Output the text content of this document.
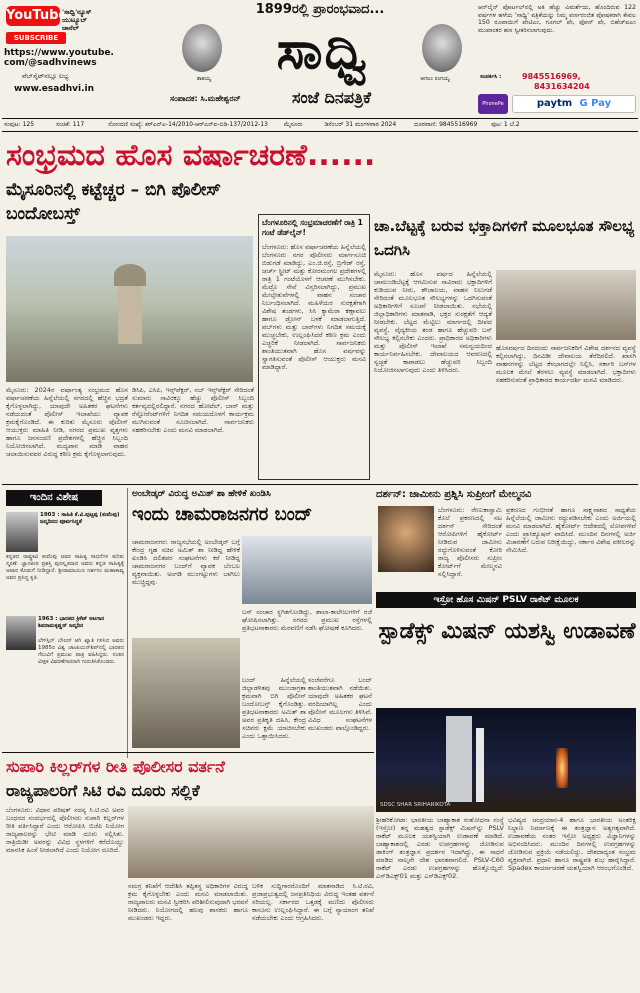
YouTube
'ಸಾಧ್ವಿ'ನ್ಯೂಸ್
ಯುಟ್ಯೂಬ್
ಚಾನೆಲ್
SUBSCRIBE
https://www.youtube.
com/@sadhvinews
ವೆಬ್‌ಸೈಟ್‌ನಲ್ಲೂ ಲಭ್ಯ
www.esadhvi.in
1899ರಲ್ಲಿ ಪ್ರಾರಂಭವಾದ...
ತಾತಯ್ಯ	ಸಾಧ್ವಿ	ಆಗಲಂ ರಂಗಯ್ಯ
ಸಂಪಾದಕ: ಸಿ.ಮಹೇಶ್ವರನ್	ಸಂಜೆ ದಿನಪತ್ರಿಕೆ
ಆನ್‌ಲೈನ್ ಪೋರ್ಟಲ್‌ನಲ್ಲಿ ಅತಿ ಹೆಚ್ಚು ವಿಮರ್ಶೆಯ, ಹೊಂದಿರುವ 122 ವರ್ಷಗಳ ಹಳೆಯ 'ಸಾಧ್ವಿ' ಪತ್ರಿಕೆಯನ್ನು ನಿಮ್ಮ ವರ್ಣರಂಜಿತ ಪೋಷಕರಾಗಿ ಕೇವಲ 150 ರೂಪಾಯಿಗೆ ಪೇಟಿಎಂ, ಗೂಗಲ್ ಪೇ, ಫೋನ್ ಪೇ, ಬಿಹೆಚ್‌ಐಎಂ ಮುಖಾಂತರ ಹಣ ಸ್ವೀಕರಿಸಲಾಗುವುದು.
ಸಂಪರ್ಕಿಸಿ :	9845516969,
8431634204
PhonePe	paytm G Pay
ಸಂಪುಟ: 125	ಸಂಚಿಕೆ: 117	ನೋಂದಣಿ ಸಂಖ್ಯೆ: ಕರ್‌ಎನ್‌ಎ-14/2010-ಆರ್‌ಎನ್‌ಐ-ಬಿಡಿ-137/2012-13	ಮೈಸೂರು	ಡಿಸೆಂಬರ್ 31 ಮಂಗಳವಾರ 2024	ದೂರವಾಣಿ: 9845516969 ಪುಟ: 1 ಬೆ.2
ಸಂಭ್ರಮದ ಹೊಸ ವರ್ಷಾಚರಣೆ......
ಮೈಸೂರಿನಲ್ಲಿ ಕಟ್ಟೆಚ್ಚರ – ಬಿಗಿ ಪೊಲೀಸ್ ಬಂದೋಬಸ್ತ್
ಮೈಸೂರು: 2024ರ ವರ್ಷಾಂತ್ಯ ಸಂಭ್ರಮದ ಹೊಸ ವರ್ಷಾಚರಣೆಯ ಹಿನ್ನೆಲೆಯಲ್ಲಿ ನಗರದಲ್ಲಿ ಹೆಚ್ಚಿನ ಭದ್ರತೆ ಕೈಗೊಳ್ಳಲಾಗಿದ್ದು, ಯಾವುದೇ ಅಹಿತಕರ ಘಟನೆಗಳು ನಡೆಯದಂತೆ ಪೊಲೀಸ್ ಇಲಾಖೆಯು ವ್ಯಾಪಕ ಕ್ರಮಕೈಗೊಂಡಿದೆ. ಈ ಕುರಿತು ಮೈಸೂರು ಪೊಲೀಸ್ ಆಯುಕ್ತರು ಮಾಹಿತಿ ನೀಡಿ, ನಗರದ ಪ್ರಮುಖ ವೃತ್ತಗಳು ಹಾಗೂ ಜನಸಂದಣಿ ಪ್ರದೇಶಗಳಲ್ಲಿ ಹೆಚ್ಚಿನ ಸಿಬ್ಬಂದಿ ನಿಯೋಜಿಸಲಾಗಿದೆ. ಮದ್ಯಪಾನ ಮಾಡಿ ವಾಹನ ಚಲಾಯಿಸುವವರ ವಿರುದ್ಧ ಕಠಿಣ ಕ್ರಮ ಕೈಗೊಳ್ಳಲಾಗುವುದು.
ಡಿಸಿಪಿ, ಎಸಿಪಿ, ಇನ್ಸ್‌ಪೆಕ್ಟರ್, ಸಬ್ ಇನ್ಸ್‌ಪೆಕ್ಟರ್ ಸೇರಿದಂತೆ ಸುಮಾರು ಸಾವಿರಕ್ಕೂ ಹೆಚ್ಚು ಪೊಲೀಸ್ ಸಿಬ್ಬಂದಿ ಕರ್ತವ್ಯದಲ್ಲಿರಲಿದ್ದಾರೆ. ನಗರದ ಹೋಟೆಲ್, ಬಾರ್ ಮತ್ತು ರೆಸ್ಟೋರೆಂಟ್‌ಗಳಿಗೆ ನಿಗದಿತ ಸಮಯದೊಳಗೆ ಕಾರ್ಯಕ್ರಮ ಮುಗಿಸುವಂತೆ ಸೂಚಿಸಲಾಗಿದೆ. ಸಾರ್ವಜನಿಕರು ಸಹಕರಿಸಬೇಕು ಎಂದು ಮನವಿ ಮಾಡಲಾಗಿದೆ.
ಬೆಂಗಳೂರಿನಲ್ಲಿ ಸಂಭ್ರಮಾಚರಣೆಗೆ ರಾತ್ರಿ 1 ಗಂಟೆ ಡೆಡ್‌ಲೈನ್!
ಬೆಂಗಳೂರು: ಹೊಸ ವರ್ಷಾಚರಣೆಯ ಹಿನ್ನೆಲೆಯಲ್ಲಿ ಬೆಂಗಳೂರು ನಗರ ಪೊಲೀಸರು ಮಾರ್ಗಸೂಚಿ ಬಿಡುಗಡೆ ಮಾಡಿದ್ದು, ಎಂ.ಜಿ.ರಸ್ತೆ, ಬ್ರಿಗೇಡ್ ರಸ್ತೆ, ಚರ್ಚ್ ಸ್ಟ್ರೀಟ್ ಮತ್ತು ಕೋರಮಂಗಲ ಪ್ರದೇಶಗಳಲ್ಲಿ ರಾತ್ರಿ 1 ಗಂಟೆಯೊಳಗೆ ಆಚರಣೆ ಮುಗಿಸಬೇಕು. ಮೆಟ್ರೊ ಸೇವೆ ವಿಸ್ತರಿಸಲಾಗಿದ್ದು, ಪ್ರಮುಖ ಮೇಲ್ಸೇತುವೆಗಳಲ್ಲಿ ವಾಹನ ಸಂಚಾರ ನಿರ್ಬಂಧಿಸಲಾಗಿದೆ. ಮಹಿಳೆಯರ ಸುರಕ್ಷತೆಗಾಗಿ ವಿಶೇಷ ತಂಡಗಳು, ಸಿಸಿ ಕ್ಯಾಮೆರಾ ಕಣ್ಗಾವಲು ಹಾಗೂ ಡ್ರೋನ್ ಬಳಕೆ ಮಾಡಲಾಗುತ್ತಿದೆ. ಪಬ್‌ಗಳು ಮತ್ತು ಬಾರ್‌ಗಳು ನಿಗದಿತ ಸಮಯಕ್ಕೆ ಮುಚ್ಚಬೇಕು, ಉಲ್ಲಂಘಿಸಿದರೆ ಕಠಿಣ ಕ್ರಮ ಎಂದು ಎಚ್ಚರಿಕೆ ನೀಡಲಾಗಿದೆ. ಸಾರ್ವಜನಿಕರು ಶಾಂತಿಯುತವಾಗಿ ಹೊಸ ವರ್ಷವನ್ನು ಸ್ವಾಗತಿಸುವಂತೆ ಪೊಲೀಸ್ ಆಯುಕ್ತರು ಮನವಿ ಮಾಡಿದ್ದಾರೆ.
ಚಾ.ಬೆಟ್ಟಕ್ಕೆ ಬರುವ ಭಕ್ತಾದಿಗಳಿಗೆ ಮೂಲಭೂತ ಸೌಲಭ್ಯ ಒದಗಿಸಿ
ಮೈಸೂರು: ಹೊಸ ವರ್ಷದ ಹಿನ್ನೆಲೆಯಲ್ಲಿ ಚಾಮುಂಡಿಬೆಟ್ಟಕ್ಕೆ ಆಗಮಿಸುವ ಸಾವಿರಾರು ಭಕ್ತಾದಿಗಳಿಗೆ ಕುಡಿಯುವ ನೀರು, ಶೌಚಾಲಯ, ವಾಹನ ನಿಲುಗಡೆ ಸೇರಿದಂತೆ ಮೂಲಭೂತ ಸೌಲಭ್ಯಗಳನ್ನು ಒದಗಿಸುವಂತೆ ಅಧಿಕಾರಿಗಳಿಗೆ ಸೂಚನೆ ನೀಡಲಾಯಿತು. ಸಭೆಯಲ್ಲಿ ಜಿಲ್ಲಾಧಿಕಾರಿಗಳು ಮಾತನಾಡಿ, ಭಕ್ತರ ಸುರಕ್ಷತೆಗೆ ಆದ್ಯತೆ ನೀಡಬೇಕು. ಬೆಟ್ಟದ ಮೆಟ್ಟಿಲು ಮಾರ್ಗದಲ್ಲಿ ದೀಪದ ವ್ಯವಸ್ಥೆ, ವೈದ್ಯಕೀಯ ತಂಡ ಹಾಗೂ ಹೆಚ್ಚುವರಿ ಬಸ್ ಸೌಲಭ್ಯ ಕಲ್ಪಿಸಬೇಕು ಎಂದರು. ಪ್ರಾಧಿಕಾರದ ಅಧಿಕಾರಿಗಳು ಮತ್ತು ಪೊಲೀಸ್ ಇಲಾಖೆ ಸಮನ್ವಯದಿಂದ ಕಾರ್ಯನಿರ್ವಹಿಸಬೇಕು. ದೇವಾಲಯದ ಆವರಣದಲ್ಲಿ ಸ್ವಚ್ಛತೆ ಕಾಪಾಡಲು ಹೆಚ್ಚುವರಿ ಸಿಬ್ಬಂದಿ ನಿಯೋಜಿಸಲಾಗುವುದು ಎಂದು ತಿಳಿಸಿದರು.
ಹೊಸವರ್ಷದ ದಿನದಂದು ಸಾರ್ವಜನಿಕರಿಗೆ ವಿಶೇಷ ದರ್ಶನದ ವ್ಯವಸ್ಥೆ ಕಲ್ಪಿಸಲಾಗಿದ್ದು, ದಿನವಿಡೀ ದೇವಾಲಯ ತೆರೆದಿರಲಿದೆ. ಖಾಸಗಿ ವಾಹನಗಳನ್ನು ಬೆಟ್ಟದ ಕೆಳಭಾಗದಲ್ಲೇ ನಿಲ್ಲಿಸಿ, ಸರ್ಕಾರಿ ಬಸ್‌ಗಳ ಮೂಲಕ ಮೇಲೆ ತೆರಳಲು ವ್ಯವಸ್ಥೆ ಮಾಡಲಾಗಿದೆ. ಭಕ್ತಾದಿಗಳು ಸಹಕರಿಸುವಂತೆ ಪ್ರಾಧಿಕಾರದ ಕಾರ್ಯದರ್ಶಿ ಮನವಿ ಮಾಡಿದರು.
ಇಂದಿನ ವಿಶೇಷ
1903 : ಸಾಹಿತಿ ಕೆ.ವಿ.ಪುಟ್ಟಪ್ಪ (ಕುವೆಂಪು) ಜನ್ಮದಿನದ ಪೂರ್ವಸಿದ್ಧತೆ
ಕನ್ನಡದ ರಾಷ್ಟ್ರಕವಿ ಕುವೆಂಪು ಅವರ ಸಾಹಿತ್ಯ ಸಾಧನೆಗಳ ಕುರಿತು ಸ್ಮರಣೆ. ಜ್ಞಾನಪೀಠ ಪ್ರಶಸ್ತಿ ಪುರಸ್ಕೃತರಾದ ಅವರು ಕನ್ನಡ ಸಾಹಿತ್ಯಕ್ಕೆ ಅಪಾರ ಕೊಡುಗೆ ನೀಡಿದ್ದಾರೆ. ಶ್ರೀರಾಮಾಯಣ ದರ್ಶನಂ ಮಹಾಕಾವ್ಯ ಅವರ ಪ್ರಸಿದ್ಧ ಕೃತಿ.
1963 : ಭಾರತದ ಕ್ರಿಕೆಟ್ ಆಟಗಾರ ಶಿವರಾಮಕೃಷ್ಣನ್ ಜನ್ಮದಿನ
ಲೆಗ್‌ಸ್ಪಿನ್ ಬೌಲರ್ ಆಗಿ ಖ್ಯಾತಿ ಗಳಿಸಿದ ಅವರು 1985ರ ವಿಶ್ವ ಚಾಂಪಿಯನ್‌ಶಿಪ್‌ನಲ್ಲಿ ಭಾರತದ ಗೆಲುವಿಗೆ ಪ್ರಮುಖ ಪಾತ್ರ ವಹಿಸಿದ್ದರು. ನಂತರ ವೀಕ್ಷಕ ವಿವರಣೆಗಾರರಾಗಿ ಗುರುತಿಸಿಕೊಂಡರು.
ಅಂಬೇಡ್ಕರ್ ವಿರುದ್ಧ ಅಮಿತ್ ಶಾ ಹೇಳಿಕೆ ಖಂಡಿಸಿ
ಇಂದು ಚಾಮರಾಜನಗರ ಬಂದ್
ಚಾಮರಾಜನಗರ: ರಾಜ್ಯಸಭೆಯಲ್ಲಿ ಅಂಬೇಡ್ಕರ್ ಬಗ್ಗೆ ಕೇಂದ್ರ ಗೃಹ ಸಚಿವ ಅಮಿತ್ ಶಾ ನೀಡಿದ್ದ ಹೇಳಿಕೆ ಖಂಡಿಸಿ ದಲಿತಪರ ಸಂಘಟನೆಗಳು ಕರೆ ನೀಡಿದ್ದ ಚಾಮರಾಜನಗರ ಬಂದ್‌ಗೆ ವ್ಯಾಪಕ ಬೆಂಬಲ ವ್ಯಕ್ತವಾಯಿತು. ಅಂಗಡಿ ಮುಂಗಟ್ಟುಗಳು ಬಾಗಿಲು ಮುಚ್ಚಿದ್ದವು.
ಬಸ್ ಸಂಚಾರ ಸ್ಥಗಿತಗೊಂಡಿದ್ದು, ಶಾಲಾ-ಕಾಲೇಜುಗಳಿಗೆ ರಜೆ ಘೋಷಿಸಲಾಗಿತ್ತು. ನಗರದ ಪ್ರಮುಖ ರಸ್ತೆಗಳಲ್ಲಿ ಪ್ರತಿಭಟನಾಕಾರರು ಮೆರವಣಿಗೆ ನಡೆಸಿ ಘೋಷಣೆ ಕೂಗಿದರು.
ಬಂದ್ ಹಿನ್ನೆಲೆಯಲ್ಲಿ ಜಿಲ್ಲಾಡಳಿತವು ಮುಂಜಾಗ್ರತಾ ಕ್ರಮವಾಗಿ ಬಿಗಿ ಪೊಲೀಸ್ ಬಂದೋಬಸ್ತ್ ಕೈಗೊಂಡಿತ್ತು. ಪ್ರತಿಭಟನಾಕಾರರು ಅಮಿತ್ ಶಾ ಅವರ ಪ್ರತಿಕೃತಿ ದಹಿಸಿ, ಕೇಂದ್ರ ಸಚಿವರು ಕ್ಷಮೆ ಯಾಚಿಸಬೇಕು ಎಂದು ಒತ್ತಾಯಿಸಿದರು.
ಸಂಜೆವರೆಗೂ ಬಂದ್ ಶಾಂತಿಯುತವಾಗಿ ನಡೆಯಿತು. ಯಾವುದೇ ಅಹಿತಕರ ಘಟನೆ ವರದಿಯಾಗಿಲ್ಲ ಎಂದು ಪೊಲೀಸ್ ಮೂಲಗಳು ತಿಳಿಸಿವೆ. ವಿವಿಧ ಸಂಘಟನೆಗಳ ಮುಖಂಡರು ಪಾಲ್ಗೊಂಡಿದ್ದರು.
ದರ್ಶನ್: ಜಾಮೀನು ಪ್ರಶ್ನಿಸಿ ಸುಪ್ರೀಂಗೆ ಮೇಲ್ಮನವಿ
ಬೆಂಗಳೂರು: ರೇಣುಕಾಸ್ವಾಮಿ ಕೊಲೆ ಪ್ರಕರಣದಲ್ಲಿ ನಟ ದರ್ಶನ್ ಸೇರಿದಂತೆ ಆರೋಪಿಗಳಿಗೆ ಹೈಕೋರ್ಟ್ ನೀಡಿರುವ ಜಾಮೀನು ರದ್ದುಗೊಳಿಸುವಂತೆ ಕೋರಿ ರಾಜ್ಯ ಪೊಲೀಸರು ಸುಪ್ರೀಂ ಕೋರ್ಟ್‌ಗೆ ಮೇಲ್ಮನವಿ ಸಲ್ಲಿಸಿದ್ದಾರೆ.
ಪ್ರಕರಣದ ಗಂಭೀರತೆ ಹಾಗೂ ಸಾಕ್ಷ್ಯನಾಶದ ಸಾಧ್ಯತೆಯ ಹಿನ್ನೆಲೆಯಲ್ಲಿ ಜಾಮೀನು ರದ್ದುಪಡಿಸಬೇಕು ಎಂದು ಅರ್ಜಿಯಲ್ಲಿ ಮನವಿ ಮಾಡಲಾಗಿದೆ. ಹೈಕೋರ್ಟ್ ಆದೇಶದಲ್ಲಿ ಲೋಪಗಳಿವೆ ಎಂದು ಪ್ರಾಸಿಕ್ಯೂಷನ್ ವಾದಿಸಿದೆ. ಮುಂದಿನ ದಿನಗಳಲ್ಲಿ ಅರ್ಜಿ ವಿಚಾರಣೆಗೆ ಬರುವ ನಿರೀಕ್ಷೆಯಿದ್ದು, ಸರ್ಕಾರ ವಿಶೇಷ ವಕೀಲರನ್ನು ನೇಮಿಸಿದೆ.
ಇಸ್ರೋ ಹೊಸ ಮಿಷನ್ PSLV ರಾಕೆಟ್ ಮೂಲಕ
ಸ್ಪಾಡೆಕ್ಸ್ ಮಿಷನ್ ಯಶಸ್ವಿ ಉಡಾವಣೆ
SDSC SHAR SRIHARIKOTA
ಶ್ರೀಹರಿಕೋಟಾ: ಭಾರತೀಯ ಬಾಹ್ಯಾಕಾಶ ಸಂಶೋಧನಾ ಸಂಸ್ಥೆ (ಇಸ್ರೋ) ತನ್ನ ಮಹತ್ವದ ಸ್ಪಾಡೆಕ್ಸ್ ಮಿಷನ್‌ನ್ನು PSLV ರಾಕೆಟ್ ಮೂಲಕ ಯಶಸ್ವಿಯಾಗಿ ಉಡಾವಣೆ ಮಾಡಿದೆ. ಬಾಹ್ಯಾಕಾಶದಲ್ಲಿ ಎರಡು ಉಪಗ್ರಹಗಳನ್ನು ಜೋಡಿಸುವ ಡಾಕಿಂಗ್ ತಂತ್ರಜ್ಞಾನ ಪ್ರದರ್ಶನ ಇದಾಗಿದ್ದು, ಈ ಸಾಧನೆ ಮಾಡಿದ ನಾಲ್ಕನೇ ದೇಶ ಭಾರತವಾಗಲಿದೆ. PSLV-C60 ರಾಕೆಟ್ ಎರಡು ಉಪಗ್ರಹಗಳನ್ನು ಹೊತ್ತೊಯ್ದಿದೆ: ಎಸ್‌ಡಿಎಕ್ಸ್01 ಮತ್ತು ಎಸ್‌ಡಿಎಕ್ಸ್02.
ಭವಿಷ್ಯದ ಚಂದ್ರಯಾನ-4 ಹಾಗೂ ಭಾರತೀಯ ಅಂತರಿಕ್ಷ ನಿಲ್ದಾಣ ನಿರ್ಮಾಣಕ್ಕೆ ಈ ತಂತ್ರಜ್ಞಾನ ಅತ್ಯಗತ್ಯವಾಗಿದೆ. ಉಡಾವಣೆಯ ನಂತರ ಇಸ್ರೋ ಅಧ್ಯಕ್ಷರು ವಿಜ್ಞಾನಿಗಳನ್ನು ಅಭಿನಂದಿಸಿದರು. ಮುಂದಿನ ದಿನಗಳಲ್ಲಿ ಉಪಗ್ರಹಗಳನ್ನು ಜೋಡಿಸುವ ಪ್ರಕ್ರಿಯೆ ನಡೆಯಲಿದ್ದು, ದೇಶದಾದ್ಯಂತ ಸಂಭ್ರಮ ವ್ಯಕ್ತವಾಗಿದೆ. ಪ್ರಧಾನಿ ಹಾಗೂ ರಾಷ್ಟ್ರಪತಿ ಶುಭ ಹಾರೈಸಿದ್ದಾರೆ. Spadex ಕಾರ್ಯಾಚರಣೆ ಯಶಸ್ವಿಯಾಗಿ ಆರಂಭಗೊಂಡಿದೆ.
ಸುಪಾರಿ ಕಿಲ್ಲರ್‌ಗಳ ರೀತಿ ಪೊಲೀಸರ ವರ್ತನೆ
ರಾಜ್ಯಪಾಲರಿಗೆ ಸಿಟಿ ರವಿ ದೂರು ಸಲ್ಲಿಕೆ
ಬೆಂಗಳೂರು: ವಿಧಾನ ಪರಿಷತ್ ಸದಸ್ಯ ಸಿ.ಟಿ.ರವಿ ಅವರ ಬಂಧನದ ಸಂದರ್ಭದಲ್ಲಿ ಪೊಲೀಸರು ಸುಪಾರಿ ಕಿಲ್ಲರ್‌ಗಳ ರೀತಿ ವರ್ತಿಸಿದ್ದಾರೆ ಎಂದು ಆರೋಪಿಸಿ ಬಿಜೆಪಿ ನಿಯೋಗ ರಾಜ್ಯಪಾಲರನ್ನು ಭೇಟಿ ಮಾಡಿ ದೂರು ಸಲ್ಲಿಸಿತು. ರಾತ್ರಿಯಿಡೀ ಅವರನ್ನು ವಿವಿಧ ಸ್ಥಳಗಳಿಗೆ ಕರೆದೊಯ್ದು ಮಾನಸಿಕ ಹಿಂಸೆ ನೀಡಲಾಗಿದೆ ಎಂದು ನಿಯೋಗ ದೂರಿದೆ.
ಸಮಗ್ರ ತನಿಖೆಗೆ ಆದೇಶಿಸಿ ತಪ್ಪಿತಸ್ಥ ಅಧಿಕಾರಿಗಳ ವಿರುದ್ಧ ಕ್ರಮ ಕೈಗೊಳ್ಳಬೇಕು ಎಂದು ಮನವಿ ಮಾಡಲಾಯಿತು. ರಾಜ್ಯಪಾಲರು ಮನವಿ ಸ್ವೀಕರಿಸಿ ಪರಿಶೀಲಿಸುವುದಾಗಿ ಭರವಸೆ ನೀಡಿದರು. ನಿಯೋಗದಲ್ಲಿ ಹಲವು ಶಾಸಕರು ಹಾಗೂ ಮುಖಂಡರು ಇದ್ದರು.
ಬಳಿಕ ಸುದ್ದಿಗಾರರೊಂದಿಗೆ ಮಾತನಾಡಿದ ಸಿ.ಟಿ.ರವಿ, ಪ್ರಜಾಪ್ರಭುತ್ವದಲ್ಲಿ ಜನಪ್ರತಿನಿಧಿಯ ವಿರುದ್ಧ ಇಂತಹ ವರ್ತನೆ ಸರಿಯಲ್ಲ. ಸರ್ಕಾರದ ಒತ್ತಡಕ್ಕೆ ಮಣಿದು ಪೊಲೀಸರು ಕಾನೂನು ಉಲ್ಲಂಘಿಸಿದ್ದಾರೆ. ಈ ಬಗ್ಗೆ ನ್ಯಾಯಾಂಗ ತನಿಖೆ ನಡೆಯಬೇಕು ಎಂದು ಆಗ್ರಹಿಸಿದರು.
